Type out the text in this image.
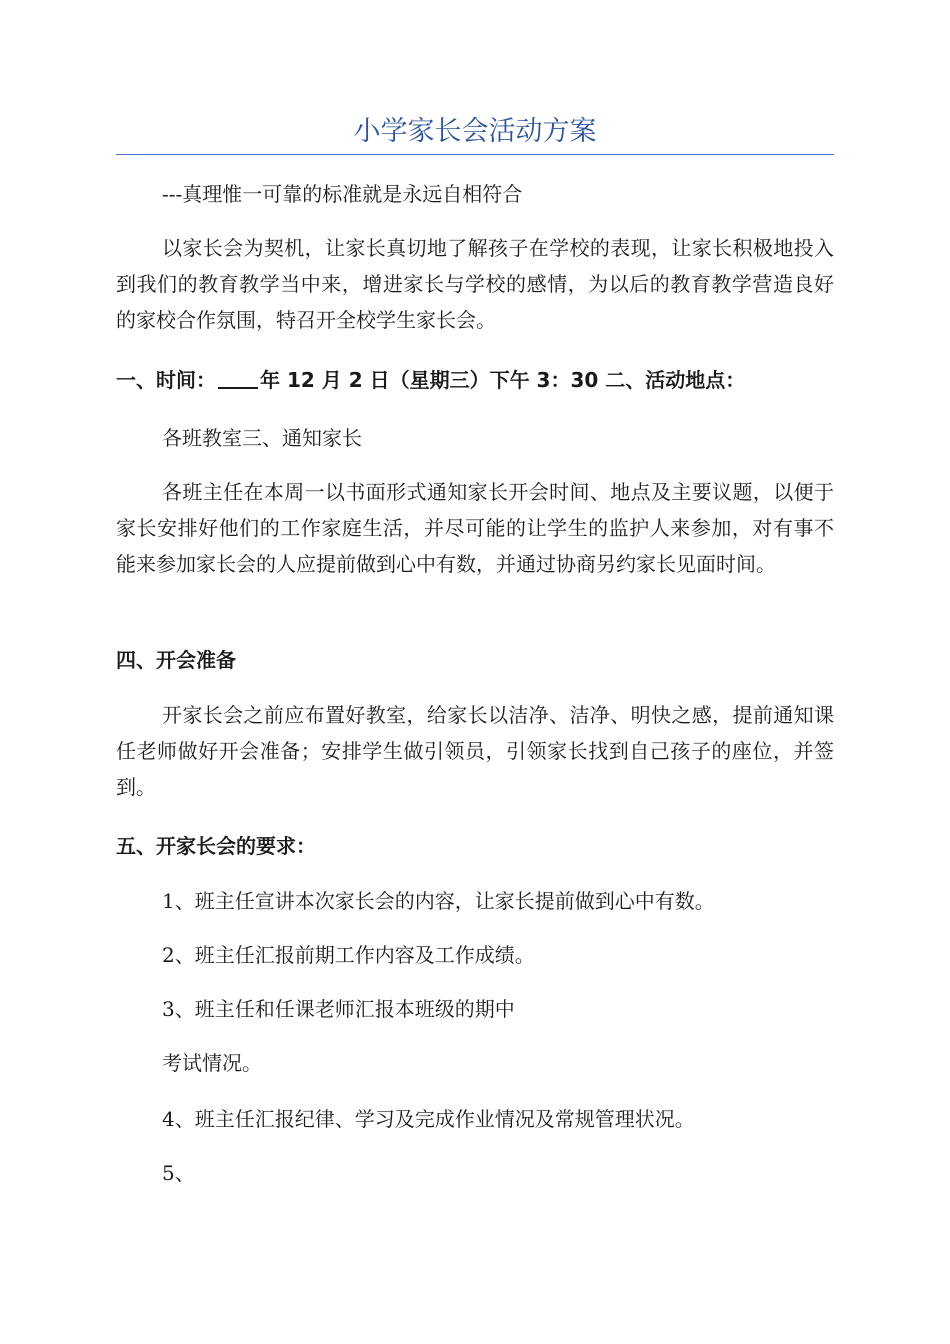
小学家长会活动方案

---真理惟一可靠的标准就是永远自相符合

以家长会为契机，让家长真切地了解孩子在学校的表现，让家长积极地投入到我们的教育教学当中来，增进家长与学校的感情，为以后的教育教学营造良好的家校合作氛围，特召开全校学生家长会。

一、时间： 年 12 月 2 日（星期三）下午 3：30 二、活动地点：

各班教室三、通知家长

各班主任在本周一以书面形式通知家长开会时间、地点及主要议题，以便于家长安排好他们的工作家庭生活，并尽可能的让学生的监护人来参加，对有事不能来参加家长会的人应提前做到心中有数，并通过协商另约家长见面时间。

四、开会准备

开家长会之前应布置好教室，给家长以洁净、洁净、明快之感，提前通知课任老师做好开会准备；安排学生做引领员，引领家长找到自己孩子的座位，并签到。

五、开家长会的要求：

1、班主任宣讲本次家长会的内容，让家长提前做到心中有数。

2、班主任汇报前期工作内容及工作成绩。

3、班主任和任课老师汇报本班级的期中

考试情况。

4、班主任汇报纪律、学习及完成作业情况及常规管理状况。

5、
